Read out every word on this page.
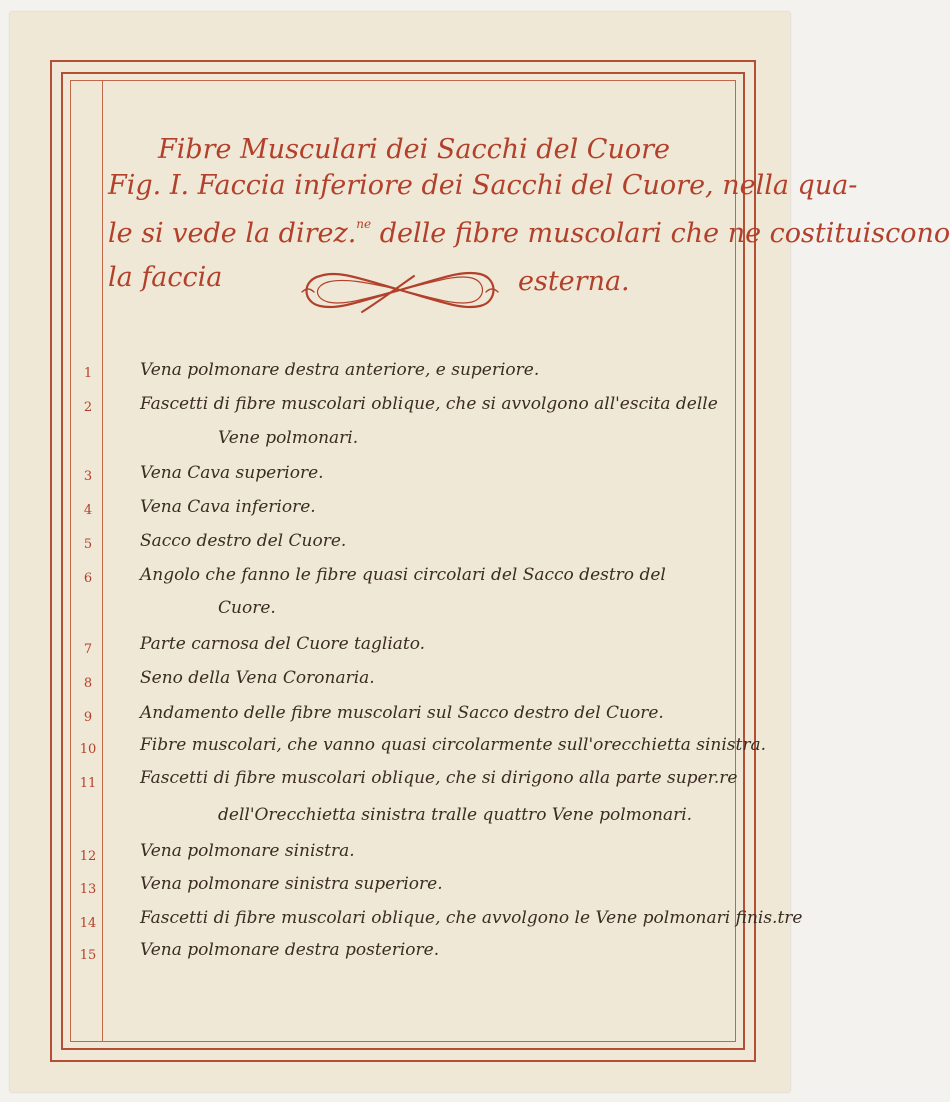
Fibre Musculari dei Sacchi del Cuore
Fig. I. Faccia inferiore dei Sacchi del Cuore, nella qua-
le si vede la direz.$^{ne}$ delle fibre muscolari che ne costituiscono
la faccia	esterna.
1	Vena polmonare destra anteriore, e superiore.
2	Fascetti di fibre muscolari oblique, che si avvolgono all'escita delle
Vene polmonari.
3	Vena Cava superiore.
4	Vena Cava inferiore.
5	Sacco destro del Cuore.
6	Angolo che fanno le fibre quasi circolari del Sacco destro del
Cuore.
7	Parte carnosa del Cuore tagliato.
8	Seno della Vena Coronaria.
9	Andamento delle fibre muscolari sul Sacco destro del Cuore.
10	Fibre muscolari, che vanno quasi circolarmente sull'orecchietta sinistra.
11	Fascetti di fibre muscolari oblique, che si dirigono alla parte super.re
dell'Orecchietta sinistra tralle quattro Vene polmonari.
12	Vena polmonare sinistra.
13	Vena polmonare sinistra superiore.
14	Fascetti di fibre muscolari oblique, che avvolgono le Vene polmonari finis.tre
15	Vena polmonare destra posteriore.
